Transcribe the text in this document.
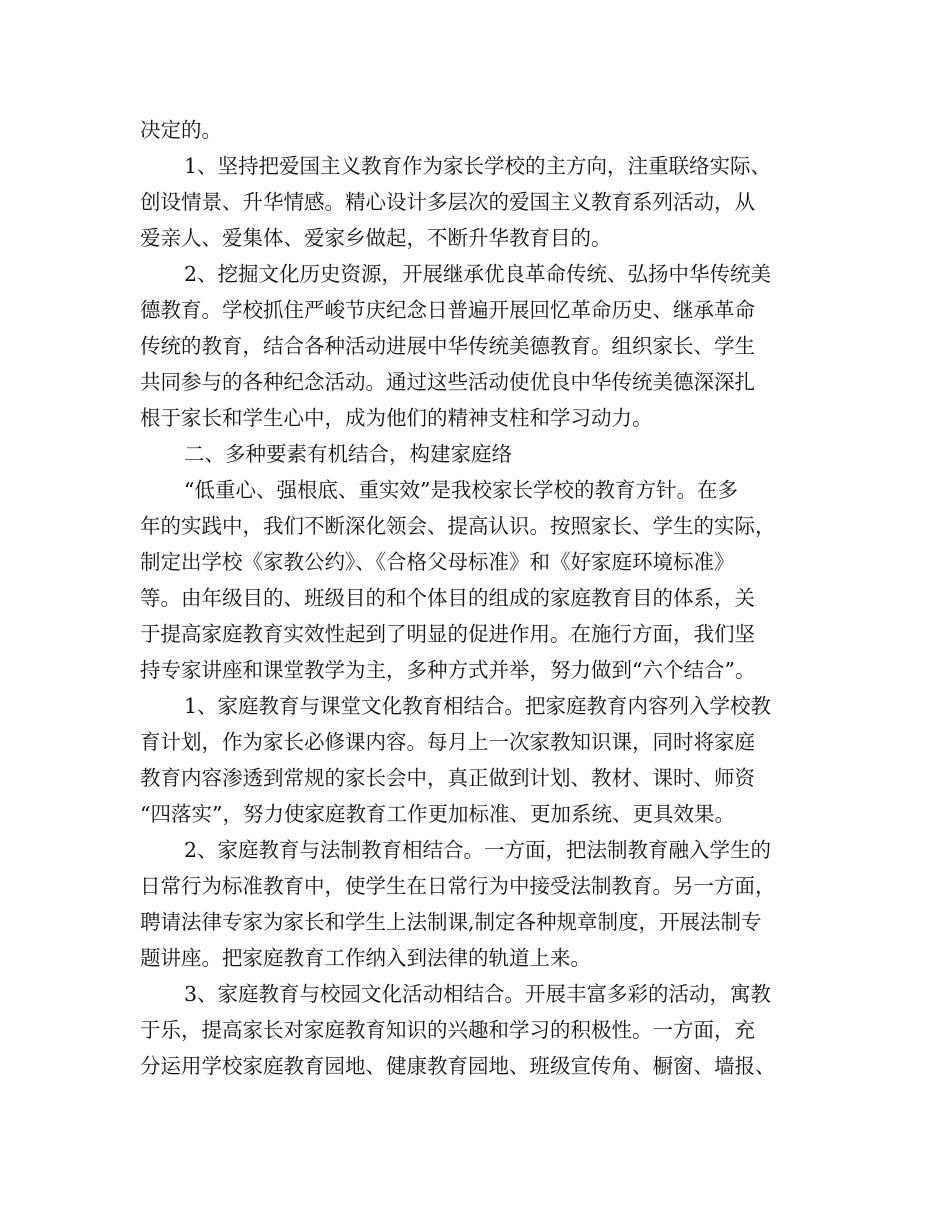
决定的。
1、坚持把爱国主义教育作为家长学校的主方向，注重联络实际、
创设情景、升华情感。精心设计多层次的爱国主义教育系列活动，从
爱亲人、爱集体、爱家乡做起，不断升华教育目的。
2、挖掘文化历史资源，开展继承优良革命传统、弘扬中华传统美
德教育。学校抓住严峻节庆纪念日普遍开展回忆革命历史、继承革命
传统的教育，结合各种活动进展中华传统美德教育。组织家长、学生
共同参与的各种纪念活动。通过这些活动使优良中华传统美德深深扎
根于家长和学生心中，成为他们的精神支柱和学习动力。
二、多种要素有机结合，构建家庭络
“低重心、强根底、重实效”是我校家长学校的教育方针。在多
年的实践中，我们不断深化领会、提高认识。按照家长、学生的实际，
制定出学校《家教公约》、《合格父母标准》和《好家庭环境标准》
等。由年级目的、班级目的和个体目的组成的家庭教育目的体系，关
于提高家庭教育实效性起到了明显的促进作用。在施行方面，我们坚
持专家讲座和课堂教学为主，多种方式并举，努力做到“六个结合”。
1、家庭教育与课堂文化教育相结合。把家庭教育内容列入学校教
育计划，作为家长必修课内容。每月上一次家教知识课，同时将家庭
教育内容渗透到常规的家长会中，真正做到计划、教材、课时、师资
“四落实”，努力使家庭教育工作更加标准、更加系统、更具效果。
2、家庭教育与法制教育相结合。一方面，把法制教育融入学生的
日常行为标准教育中，使学生在日常行为中接受法制教育。另一方面，
聘请法律专家为家长和学生上法制课,制定各种规章制度，开展法制专
题讲座。把家庭教育工作纳入到法律的轨道上来。
3、家庭教育与校园文化活动相结合。开展丰富多彩的活动，寓教
于乐，提高家长对家庭教育知识的兴趣和学习的积极性。一方面，充
分运用学校家庭教育园地、健康教育园地、班级宣传角、橱窗、墙报、
